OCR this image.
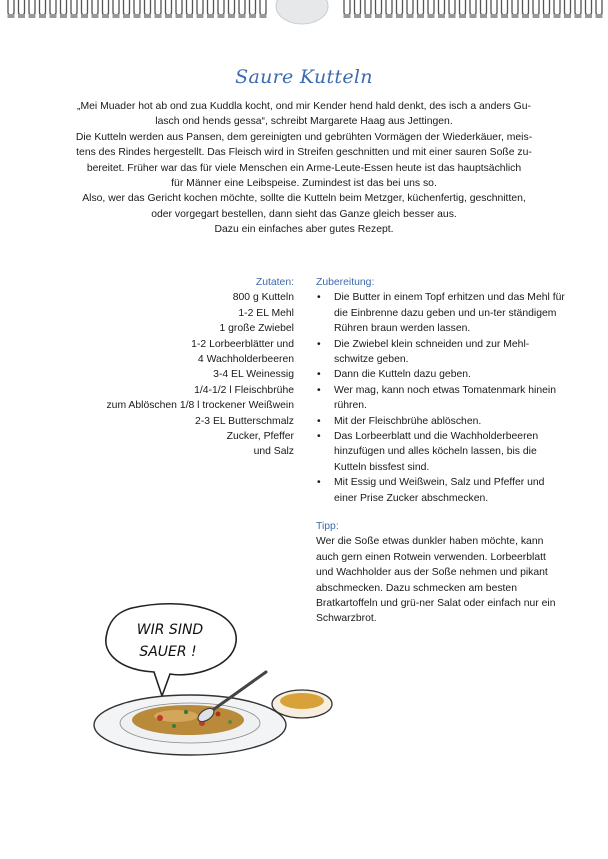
Saure Kutteln

„Mei Muader hot ab ond zua Kuddla kocht, ond mir Kender hend hald denkt, des isch a anders Gu-

lasch ond hends gessa“, schreibt Margarete Haag aus Jettingen.

Die Kutteln werden aus Pansen, dem gereinigten und gebrühten Vormägen der Wiederkäuer, meis-

tens des Rindes hergestellt. Das Fleisch wird in Streifen geschnitten und mit einer sauren Soße zu-

bereitet. Früher war das für viele Menschen ein Arme-Leute-Essen heute ist das hauptsächlich

für Männer eine Leibspeise. Zumindest ist das bei uns so.

Also, wer das Gericht kochen möchte, sollte die Kutteln beim Metzger, küchenfertig, geschnitten,

oder vorgegart bestellen, dann sieht das Ganze gleich besser aus.

Dazu ein einfaches aber gutes Rezept.

Zutaten:
800 g Kutteln
1-2 EL Mehl
1 große Zwiebel
1-2 Lorbeerblätter und
4 Wachholderbeeren
3-4 EL Weinessig
1/4-1/2 l Fleischbrühe
zum Ablöschen 1/8 l trockener Weißwein
2-3 EL Butterschmalz
Zucker, Pfeffer
und Salz
Zubereitung:
• Die Butter in einem Topf erhitzen und das Mehl für die Einbrenne dazu geben und un-ter ständigem Rühren braun werden lassen.
• Die Zwiebel klein schneiden und zur Mehl-schwitze geben.
• Dann die Kutteln dazu geben.
• Wer mag, kann noch etwas Tomatenmark hinein rühren.
• Mit der Fleischbrühe ablöschen.
• Das Lorbeerblatt und die Wachholderbeeren hinzufügen und alles köcheln lassen, bis die Kutteln bissfest sind.
• Mit Essig und Weißwein, Salz und Pfeffer und einer Prise Zucker abschmecken.
Tipp:
Wer die Soße etwas dunkler haben möchte, kann auch gern einen Rotwein verwenden. Lorbeerblatt und Wachholder aus der Soße nehmen und pikant abschmecken. Dazu schmecken am besten Bratkartoffeln und grü-ner Salat oder einfach nur ein Schwarzbrot.
WIR SIND
SAUER !
